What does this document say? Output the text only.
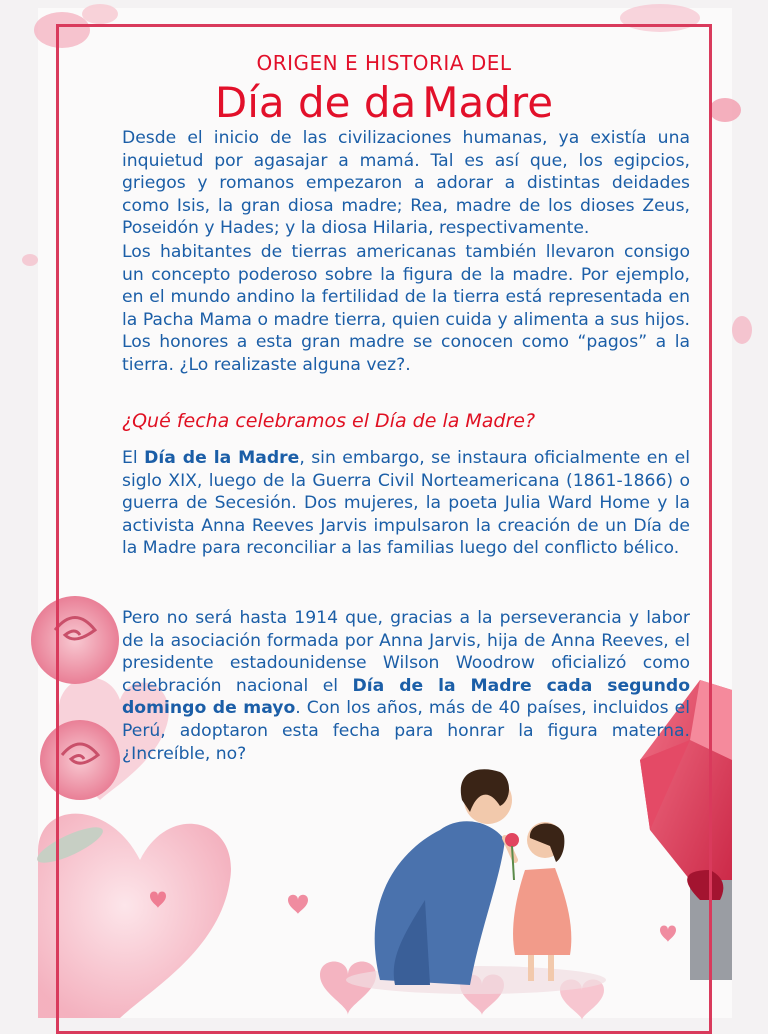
ORIGEN E HISTORIA DEL
Día de da Madre

Desde el inicio de las civilizaciones humanas, ya existía una inquietud por agasajar a mamá. Tal es así que, los egipcios, griegos y romanos empezaron a adorar a distintas deidades como Isis, la gran diosa madre; Rea, madre de los dioses Zeus, Poseidón y Hades; y la diosa Hilaria, respectivamente.

Los habitantes de tierras americanas también llevaron consigo un concepto poderoso sobre la figura de la madre. Por ejemplo, en el mundo andino la fertilidad de la tierra está representada en la Pacha Mama o madre tierra, quien cuida y alimenta a sus hijos. Los honores a esta gran madre se conocen como “pagos” a la tierra. ¿Lo realizaste alguna vez?.

¿Qué fecha celebramos el Día de la Madre?

El Día de la Madre, sin embargo, se instaura oficialmente en el siglo XIX, luego de la Guerra Civil Norteamericana (1861-1866) o guerra de Secesión. Dos mujeres, la poeta Julia Ward Home y la activista Anna Reeves Jarvis impulsaron la creación de un Día de la Madre para reconciliar a las familias luego del conflicto bélico.

Pero no será hasta 1914 que, gracias a la perseverancia y labor de la asociación formada por Anna Jarvis, hija de Anna Reeves, el presidente estadounidense Wilson Woodrow oficializó como celebración nacional el Día de la Madre cada segundo domingo de mayo. Con los años, más de 40 países, incluidos el Perú, adoptaron esta fecha para honrar la figura materna. ¿Increíble, no?
